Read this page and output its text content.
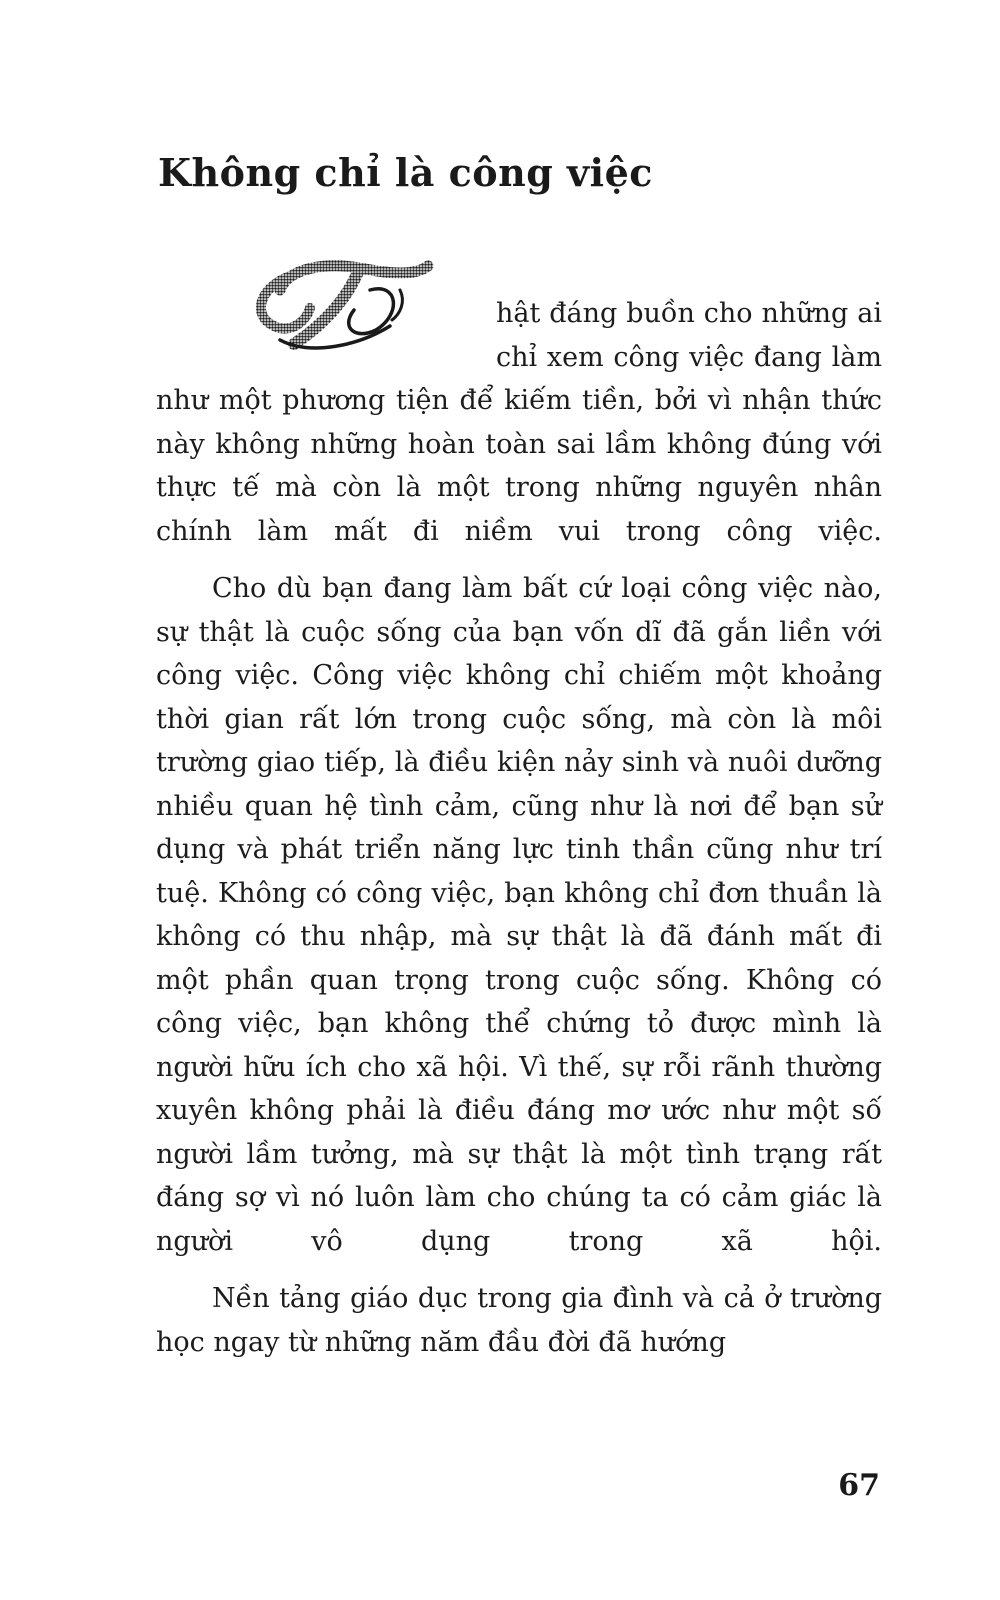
Không chỉ là công việc

hật đáng buồn cho những ai chỉ xem công việc đang làm như một phương tiện để kiếm tiền, bởi vì nhận thức này không những hoàn toàn sai lầm không đúng với thực tế mà còn là một trong những nguyên nhân chính làm mất đi niềm vui trong công việc.

Cho dù bạn đang làm bất cứ loại công việc nào, sự thật là cuộc sống của bạn vốn dĩ đã gắn liền với công việc. Công việc không chỉ chiếm một khoảng thời gian rất lớn trong cuộc sống, mà còn là môi trường giao tiếp, là điều kiện nảy sinh và nuôi dưỡng nhiều quan hệ tình cảm, cũng như là nơi để bạn sử dụng và phát triển năng lực tinh thần cũng như trí tuệ. Không có công việc, bạn không chỉ đơn thuần là không có thu nhập, mà sự thật là đã đánh mất đi một phần quan trọng trong cuộc sống. Không có công việc, bạn không thể chứng tỏ được mình là người hữu ích cho xã hội. Vì thế, sự rỗi rãnh thường xuyên không phải là điều đáng mơ ước như một số người lầm tưởng, mà sự thật là một tình trạng rất đáng sợ vì nó luôn làm cho chúng ta có cảm giác là người vô dụng trong xã hội.

Nền tảng giáo dục trong gia đình và cả ở trường học ngay từ những năm đầu đời đã hướng

67
